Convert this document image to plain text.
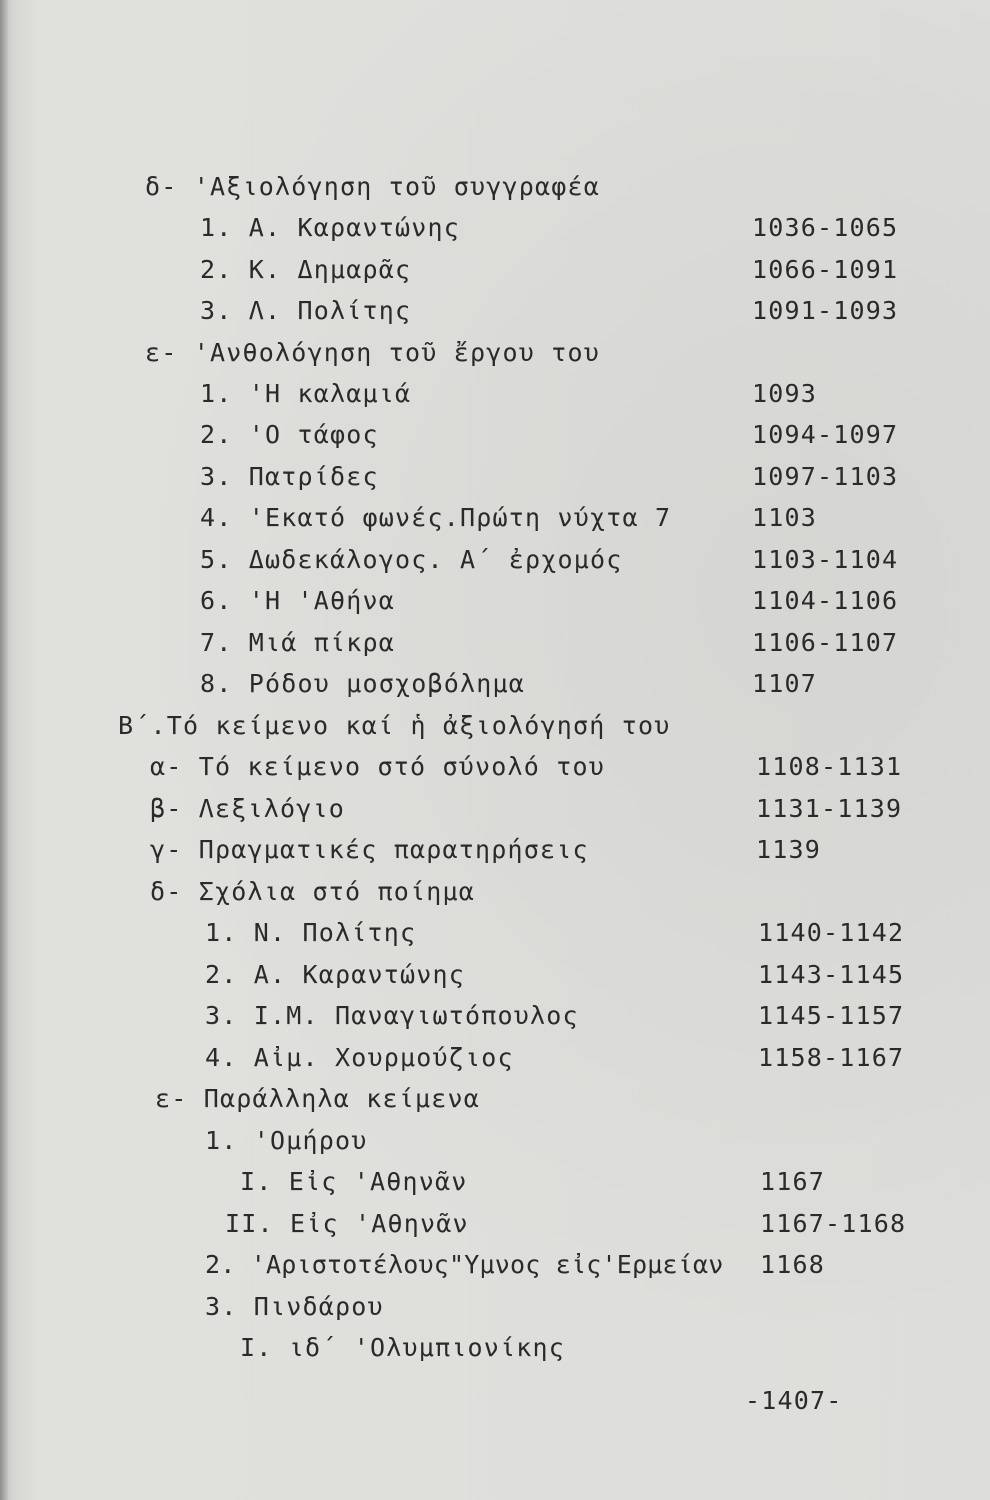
δ- 'Αξιολόγηση τοῦ συγγραφέα
1. Α. Καραντώνης	1036-1065
2. Κ. Δημαρᾶς	1066-1091
3. Λ. Πολίτης	1091-1093
ε- 'Ανθολόγηση τοῦ ἔργου του
1. 'Η καλαμιά	1093
2. 'Ο τάφος	1094-1097
3. Πατρίδες	1097-1103
4. 'Εκατό φωνές.Πρώτη νύχτα 7	1103
5. Δωδεκάλογος. Α΄ ἐρχομός	1103-1104
6. 'Η 'Αθήνα	1104-1106
7. Μιά πίκρα	1106-1107
8. Ρόδου μοσχοβόλημα	1107
Β΄.Τό κείμενο καί ἡ ἀξιολόγησή του
α- Τό κείμενο στό σύνολό του	1108-1131
β- Λεξιλόγιο	1131-1139
γ- Πραγματικές παρατηρήσεις	1139
δ- Σχόλια στό ποίημα
1. Ν. Πολίτης	1140-1142
2. Α. Καραντώνης	1143-1145
3. Ι.Μ. Παναγιωτόπουλος	1145-1157
4. Αἰμ. Χουρμούζιος	1158-1167
ε- Παράλληλα κείμενα
1. 'Ομήρου
I. Εἰς 'Αθηνᾶν	1167
II. Εἰς 'Αθηνᾶν	1167-1168
2. 'Αριστοτέλους"Υμνος εἰς'Ερμείαν 1168
3. Πινδάρου
I. ιδ΄ 'Ολυμπιονίκης
-1407-
